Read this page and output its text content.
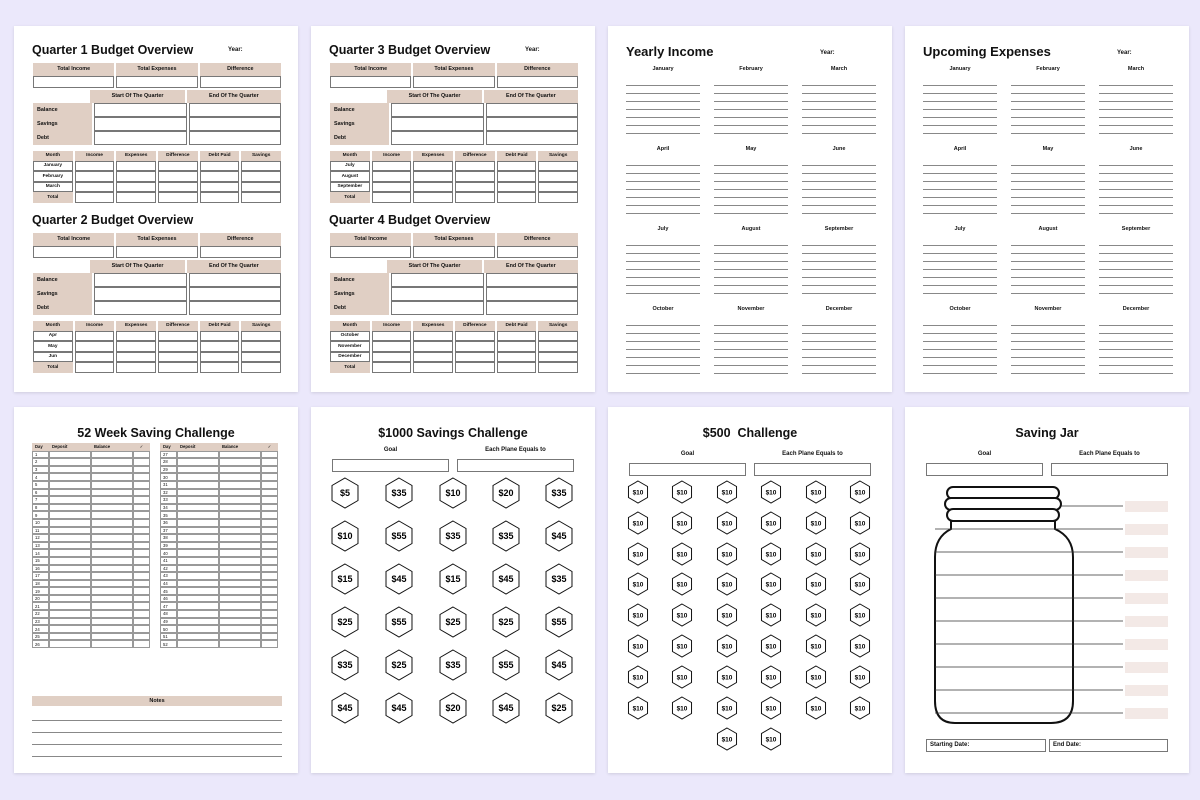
Quarter 1 Budget Overview	Year:
Total Income	Total Expenses	Difference
Start Of The Quarter	End Of The Quarter
Balance
Savings
Debt
Month	Income	Expenses	Difference	Debt Paid	Savings
January
February
March
Total
Quarter 2 Budget Overview
Total Income	Total Expenses	Difference
Start Of The Quarter	End Of The Quarter
Balance
Savings
Debt
Month	Income	Expenses	Difference	Debt Paid	Savings
Apr
May
Jun
Total
Quarter 3 Budget Overview	Year:
Total Income	Total Expenses	Difference
Start Of The Quarter	End Of The Quarter
Balance
Savings
Debt
Month	Income	Expenses	Difference	Debt Paid	Savings
July
August
September
Total
Quarter 4 Budget Overview
Total Income	Total Expenses	Difference
Start Of The Quarter	End Of The Quarter
Balance
Savings
Debt
Month	Income	Expenses	Difference	Debt Paid	Savings
October
November
December
Total
Yearly Income	Year:
January	February	March
April	May	June
July	August	September
October	November	December
Upcoming Expenses	Year:
January	February	March
April	May	June
July	August	September
October	November	December
52 Week Saving Challenge
Day	Deposit	Balance	✓
1
2
3
4
5
6
7
8
9
10
11
12
13
14
15
16
17
18
19
20
21
22
23
24
25
26
Day	Deposit	Balance	✓
27
28
29
30
31
32
33
34
35
36
37
38
39
40
41
42
43
44
45
46
47
48
49
50
51
52
Notes
$1000 Savings Challenge
Goal	Each Plane Equals to
$5	$35	$10	$20	$35
$10	$55	$35	$35	$45
$15	$45	$15	$45	$35
$25	$55	$25	$25	$55
$35	$25	$35	$55	$45
$45	$45	$20	$45	$25
$500  Challenge
Goal	Each Plane Equals to
$10	$10	$10	$10	$10	$10
$10	$10	$10	$10	$10	$10
$10	$10	$10	$10	$10	$10
$10	$10	$10	$10	$10	$10
$10	$10	$10	$10	$10	$10
$10	$10	$10	$10	$10	$10
$10	$10	$10	$10	$10	$10
$10	$10	$10	$10	$10	$10
$10	$10
Saving Jar
Goal	Each Plane Equals to
Starting Date:	End Date:
